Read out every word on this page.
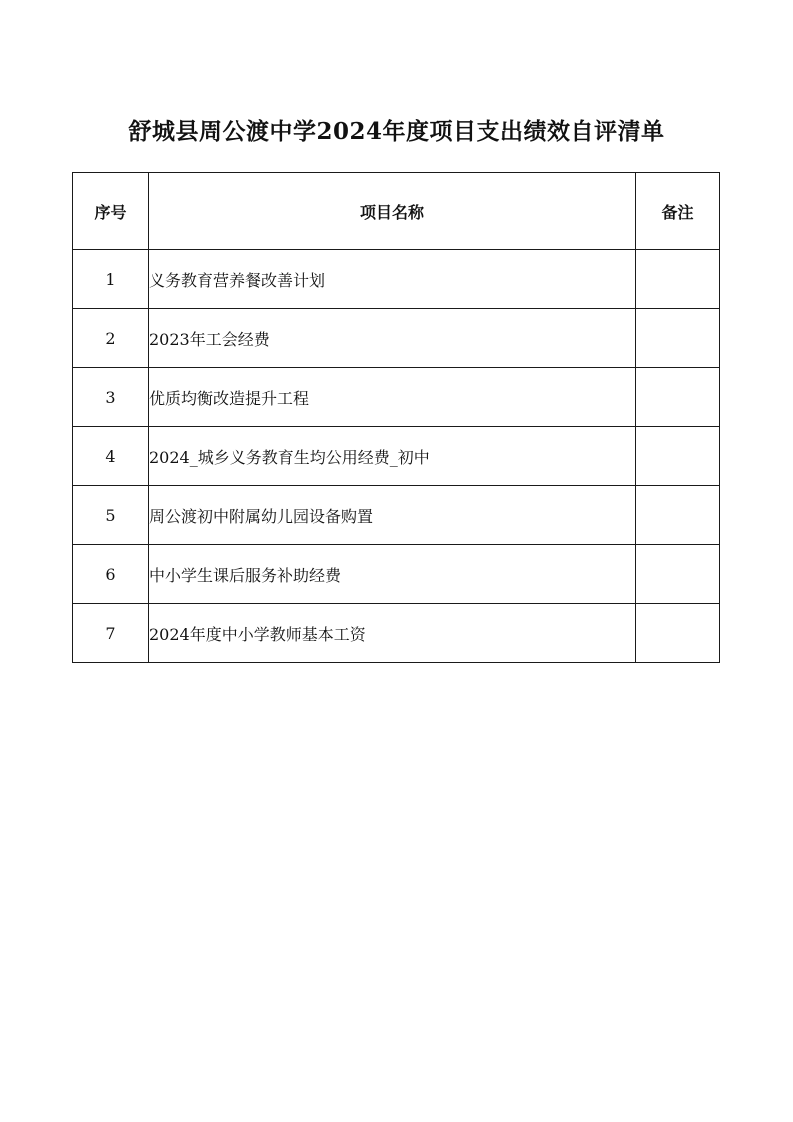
舒城县周公渡中学2024年度项目支出绩效自评清单
序号	项目名称	备注
1	义务教育营养餐改善计划	
2	2023年工会经费	
3	优质均衡改造提升工程	
4	2024_城乡义务教育生均公用经费_初中	
5	周公渡初中附属幼儿园设备购置	
6	中小学生课后服务补助经费	
7	2024年度中小学教师基本工资	
